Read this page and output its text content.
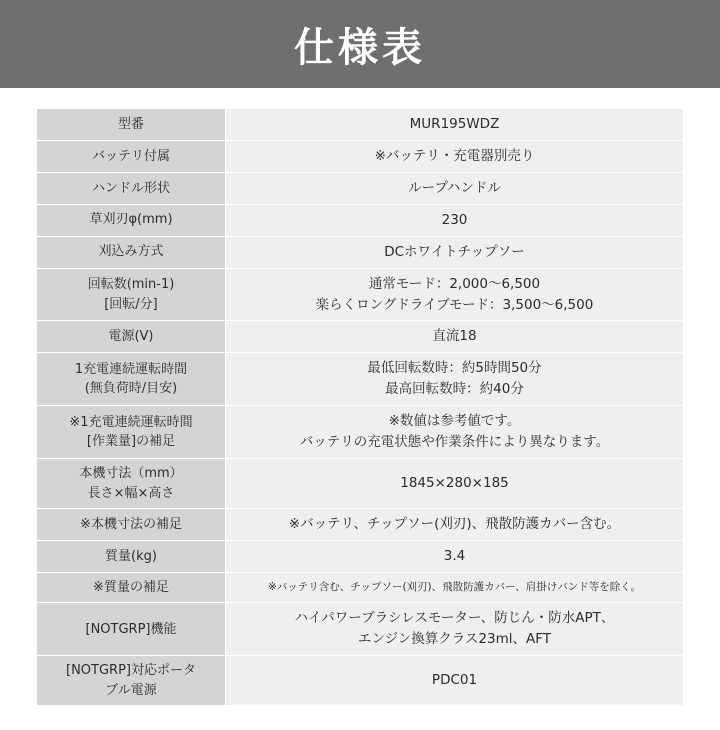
仕様表
型番	MUR195WDZ

バッテリ付属	※バッテリ・充電器別売り

ハンドル形状	ループハンドル

草刈刃φ(mm)	230

刈込み方式	DCホワイトチップソー

回転数(min-1)
[回転/分]	通常モード：2,000〜6,500
楽らくロングドライブモード：3,500〜6,500

電源(V)	直流18

1充電連続運転時間
(無負荷時/目安)	最低回転数時：約5時間50分
最高回転数時：約40分

※1充電連続運転時間
[作業量]の補足	※数値は参考値です。
バッテリの充電状態や作業条件により異なります。

本機寸法（mm）
長さ×幅×高さ	1845×280×185

※本機寸法の補足	※バッテリ、チップソー(刈刃)、飛散防護カバー含む。

質量(kg)	3.4

※質量の補足	※バッテリ含む、チップソー(刈刃)、飛散防護カバー、肩掛けバンド等を除く。

[NOTGRP]機能	ハイパワーブラシレスモーター、防じん・防水APT、
エンジン換算クラス23ml、AFT

[NOTGRP]対応ポータ
ブル電源	PDC01
